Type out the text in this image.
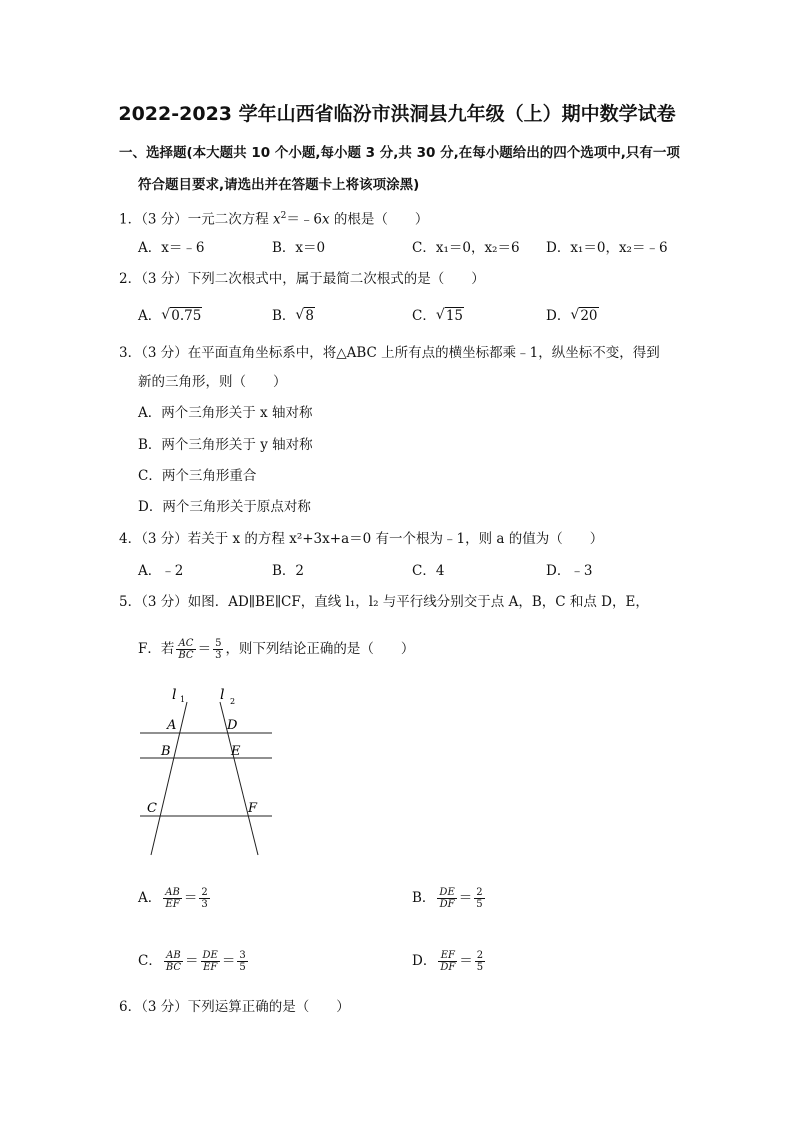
2022-2023 学年山西省临汾市洪洞县九年级（上）期中数学试卷
一、选择题(本大题共 10 个小题,每小题 3 分,共 30 分,在每小题给出的四个选项中,只有一项
符合题目要求,请选出并在答题卡上将该项涂黑)
1．（3 分）一元二次方程 $x^2=﹣6x$ 的根是（　　）
A．x＝﹣6	B．x＝0	C．x₁＝0，x₂＝6 D．x₁＝0，x₂＝﹣6
2．（3 分）下列二次根式中，属于最简二次根式的是（　　）
A． √ 0.75	B． √ 8	C． √ 15	D． √ 20
3．（3 分）在平面直角坐标系中，将△ABC 上所有点的横坐标都乘﹣1，纵坐标不变，得到
新的三角形，则（　　）
A．两个三角形关于 x 轴对称
B．两个三角形关于 y 轴对称
C．两个三角形重合
D．两个三角形关于原点对称
4．（3 分）若关于 x 的方程 x²+3x+a＝0 有一个根为﹣1，则 a 的值为（　　）
A．﹣2	B．2	C．4	D．﹣3
5．（3 分）如图．AD∥BE∥CF，直线 l₁，l₂ 与平行线分别交于点 A，B，C 和点 D，E，
F．若 $\frac{AC}{BC} = \frac{5}{3}$ ，则下列结论正确的是（　　）
l 1 l 2
A
B
C
D
E
F
A． $\frac{AB}{EF} = \frac{2}{3}$	B． $\frac{DE}{DF} = \frac{2}{5}$
C． $\frac{AB}{BC} = \frac{DE}{EF} = \frac{3}{5}$	D． $\frac{EF}{DF} = \frac{2}{5}$
6．（3 分）下列运算正确的是（　　）
